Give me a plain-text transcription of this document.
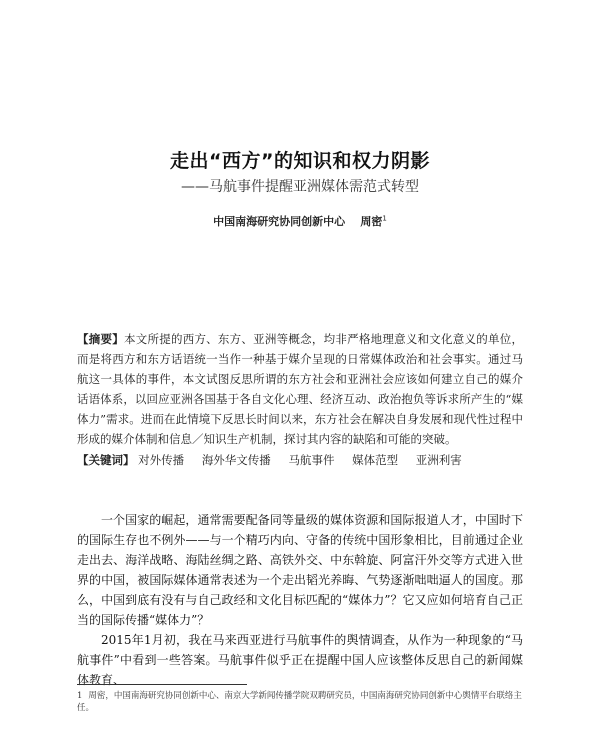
走出“西方”的知识和权力阴影
——马航事件提醒亚洲媒体需范式转型
中国南海研究协同创新中心 周密$^1$
【摘要】本文所提的西方、东方、亚洲等概念，均非严格地理意义和文化意义的单位，而是将西方和东方话语统一当作一种基于媒介呈现的日常媒体政治和社会事实。通过马航这一具体的事件，本文试图反思所谓的东方社会和亚洲社会应该如何建立自己的媒介话语体系，以回应亚洲各国基于各自文化心理、经济互动、政治抱负等诉求所产生的“媒体力”需求。进而在此情境下反思长时间以来，东方社会在解决自身发展和现代性过程中形成的媒介体制和信息／知识生产机制，探讨其内容的缺陷和可能的突破。
【关键词】 对外传播 海外华文传播 马航事件 媒体范型 亚洲利害

一个国家的崛起，通常需要配备同等量级的媒体资源和国际报道人才，中国时下的国际生存也不例外——与一个精巧内向、守备的传统中国形象相比，目前通过企业走出去、海洋战略、海陆丝绸之路、高铁外交、中东斡旋、阿富汗外交等方式进入世界的中国，被国际媒体通常表述为一个走出韬光养晦、气势逐渐咄咄逼人的国度。那么，中国到底有没有与自己政经和文化目标匹配的“媒体力”？它又应如何培育自己正当的国际传播“媒体力”？

2015年1月初，我在马来西亚进行马航事件的舆情调查，从作为一种现象的“马航事件”中看到一些答案。马航事件似乎正在提醒中国人应该整体反思自己的新闻媒体教育、

1 周密，中国南海研究协同创新中心、南京大学新闻传播学院双聘研究员，中国南海研究协同创新中心舆情平台联络主任。
